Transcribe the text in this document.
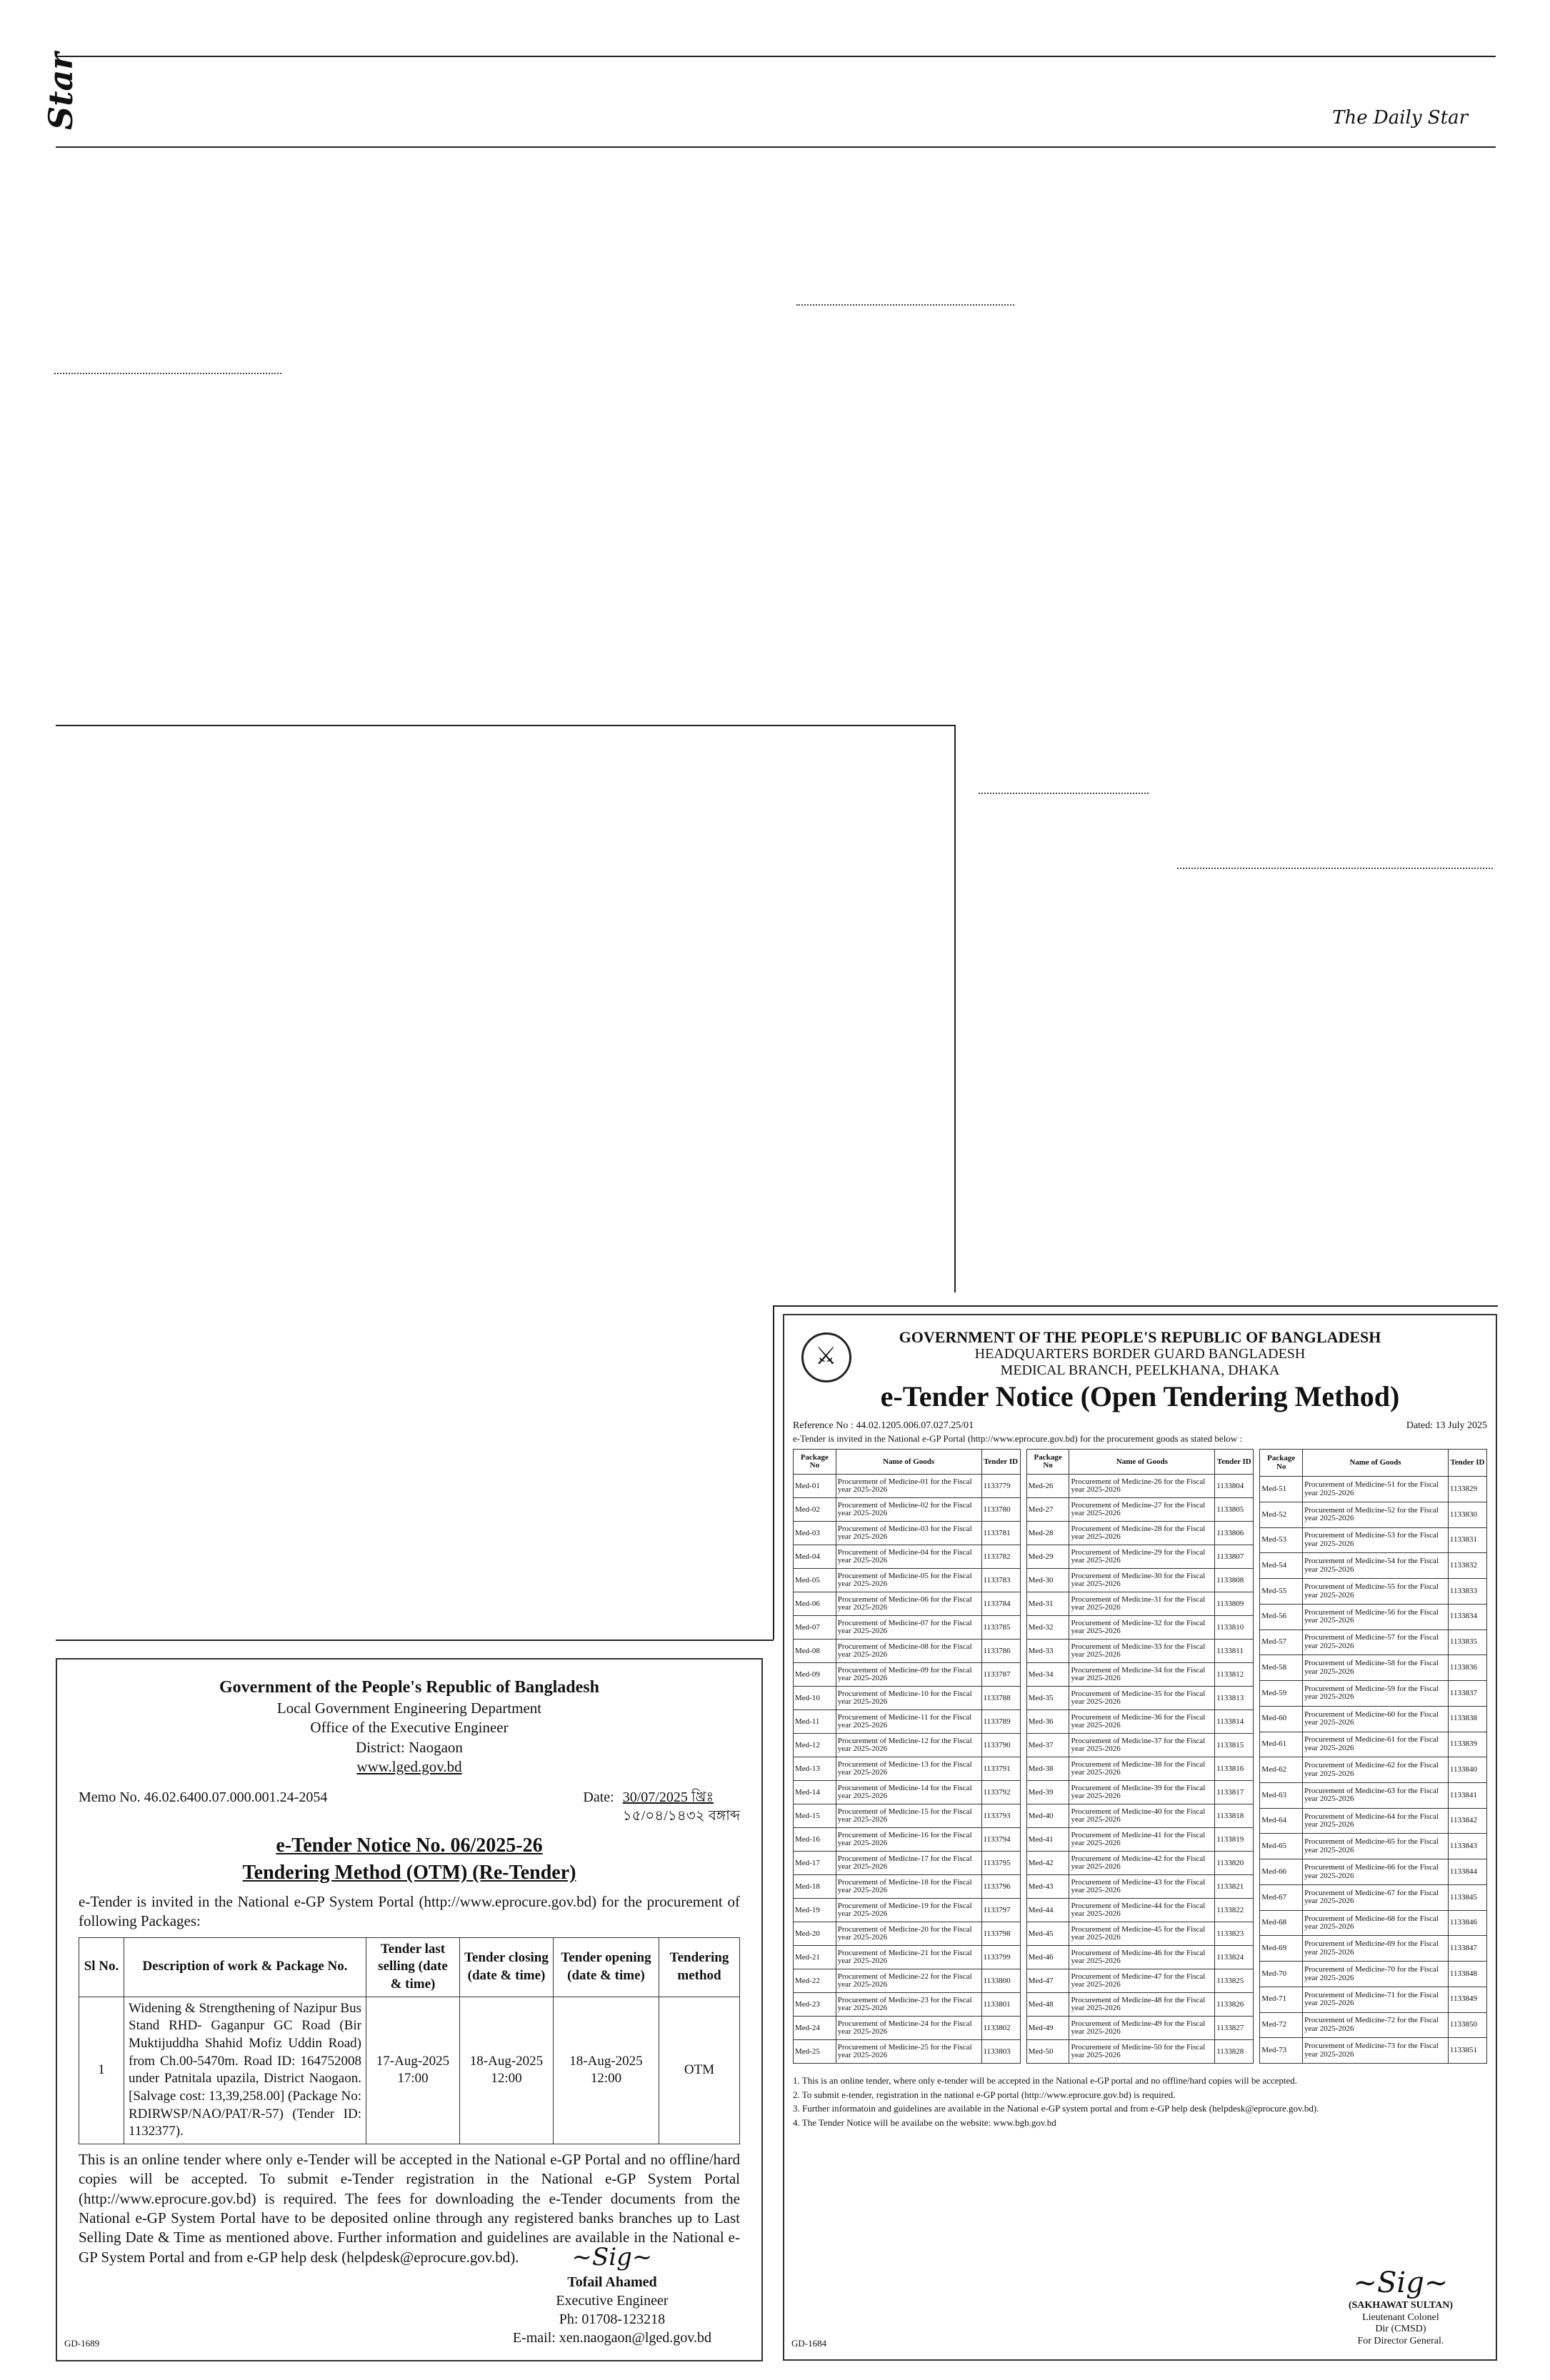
Star	The Daily Star
Government of the People's Republic of Bangladesh
Local Government Engineering Department
Office of the Executive Engineer
District: Naogaon
www.lged.gov.bd
Memo No. 46.02.6400.07.000.001.24-2054	Date: 30/07/2025 খ্রিঃ
১৫/০৪/১৪৩২ বঙ্গাব্দ
e-Tender Notice No. 06/2025-26
Tendering Method (OTM) (Re-Tender)

e-Tender is invited in the National e-GP System Portal (http://www.eprocure.gov.bd) for the procurement of following Packages:

Sl No.	Description of work & Package No.	Tender last selling (date & time)	Tender closing (date & time)	Tender opening (date & time)	Tendering method
1	Widening & Strengthening of Nazipur Bus Stand RHD- Gaganpur GC Road (Bir Muktijuddha Shahid Mofiz Uddin Road) from Ch.00-5470m. Road ID: 164752008 under Patnitala upazila, District Naogaon. [Salvage cost: 13,39,258.00] (Package No: RDIRWSP/NAO/PAT/R-57) (Tender ID: 1132377).	17-Aug-2025 17:00	18-Aug-2025 12:00	18-Aug-2025 12:00	OTM

This is an online tender where only e-Tender will be accepted in the National e-GP Portal and no offline/hard copies will be accepted. To submit e-Tender registration in the National e-GP System Portal (http://www.eprocure.gov.bd) is required. The fees for downloading the e-Tender documents from the National e-GP System Portal have to be deposited online through any registered banks branches up to Last Selling Date & Time as mentioned above. Further information and guidelines are available in the National e-GP System Portal and from e-GP help desk (helpdesk@eprocure.gov.bd).	~Sig~
Tofail Ahamed
Executive Engineer
Ph: 01708-123218
E-mail: xen.naogaon@lged.gov.bd
GD-1689
⚔
GOVERNMENT OF THE PEOPLE'S REPUBLIC OF BANGLADESH
HEADQUARTERS BORDER GUARD BANGLADESH
MEDICAL BRANCH, PEELKHANA, DHAKA
e-Tender Notice (Open Tendering Method)
Reference No : 44.02.1205.006.07.027.25/01	Dated: 13 July 2025
e-Tender is invited in the National e-GP Portal (http://www.eprocure.gov.bd) for the procurement goods as stated below :
Package No	Name of Goods	Tender ID
Med-01	Procurement of Medicine-01 for the Fiscal year 2025-2026	1133779
Med-02	Procurement of Medicine-02 for the Fiscal year 2025-2026	1133780
Med-03	Procurement of Medicine-03 for the Fiscal year 2025-2026	1133781
Med-04	Procurement of Medicine-04 for the Fiscal year 2025-2026	1133782
Med-05	Procurement of Medicine-05 for the Fiscal year 2025-2026	1133783
Med-06	Procurement of Medicine-06 for the Fiscal year 2025-2026	1133784
Med-07	Procurement of Medicine-07 for the Fiscal year 2025-2026	1133785
Med-08	Procurement of Medicine-08 for the Fiscal year 2025-2026	1133786
Med-09	Procurement of Medicine-09 for the Fiscal year 2025-2026	1133787
Med-10	Procurement of Medicine-10 for the Fiscal year 2025-2026	1133788
Med-11	Procurement of Medicine-11 for the Fiscal year 2025-2026	1133789
Med-12	Procurement of Medicine-12 for the Fiscal year 2025-2026	1133790
Med-13	Procurement of Medicine-13 for the Fiscal year 2025-2026	1133791
Med-14	Procurement of Medicine-14 for the Fiscal year 2025-2026	1133792
Med-15	Procurement of Medicine-15 for the Fiscal year 2025-2026	1133793
Med-16	Procurement of Medicine-16 for the Fiscal year 2025-2026	1133794
Med-17	Procurement of Medicine-17 for the Fiscal year 2025-2026	1133795
Med-18	Procurement of Medicine-18 for the Fiscal year 2025-2026	1133796
Med-19	Procurement of Medicine-19 for the Fiscal year 2025-2026	1133797
Med-20	Procurement of Medicine-20 for the Fiscal year 2025-2026	1133798
Med-21	Procurement of Medicine-21 for the Fiscal year 2025-2026	1133799
Med-22	Procurement of Medicine-22 for the Fiscal year 2025-2026	1133800
Med-23	Procurement of Medicine-23 for the Fiscal year 2025-2026	1133801
Med-24	Procurement of Medicine-24 for the Fiscal year 2025-2026	1133802
Med-25	Procurement of Medicine-25 for the Fiscal year 2025-2026	1133803
Package No	Name of Goods	Tender ID
Med-26	Procurement of Medicine-26 for the Fiscal year 2025-2026	1133804
Med-27	Procurement of Medicine-27 for the Fiscal year 2025-2026	1133805
Med-28	Procurement of Medicine-28 for the Fiscal year 2025-2026	1133806
Med-29	Procurement of Medicine-29 for the Fiscal year 2025-2026	1133807
Med-30	Procurement of Medicine-30 for the Fiscal year 2025-2026	1133808
Med-31	Procurement of Medicine-31 for the Fiscal year 2025-2026	1133809
Med-32	Procurement of Medicine-32 for the Fiscal year 2025-2026	1133810
Med-33	Procurement of Medicine-33 for the Fiscal year 2025-2026	1133811
Med-34	Procurement of Medicine-34 for the Fiscal year 2025-2026	1133812
Med-35	Procurement of Medicine-35 for the Fiscal year 2025-2026	1133813
Med-36	Procurement of Medicine-36 for the Fiscal year 2025-2026	1133814
Med-37	Procurement of Medicine-37 for the Fiscal year 2025-2026	1133815
Med-38	Procurement of Medicine-38 for the Fiscal year 2025-2026	1133816
Med-39	Procurement of Medicine-39 for the Fiscal year 2025-2026	1133817
Med-40	Procurement of Medicine-40 for the Fiscal year 2025-2026	1133818
Med-41	Procurement of Medicine-41 for the Fiscal year 2025-2026	1133819
Med-42	Procurement of Medicine-42 for the Fiscal year 2025-2026	1133820
Med-43	Procurement of Medicine-43 for the Fiscal year 2025-2026	1133821
Med-44	Procurement of Medicine-44 for the Fiscal year 2025-2026	1133822
Med-45	Procurement of Medicine-45 for the Fiscal year 2025-2026	1133823
Med-46	Procurement of Medicine-46 for the Fiscal year 2025-2026	1133824
Med-47	Procurement of Medicine-47 for the Fiscal year 2025-2026	1133825
Med-48	Procurement of Medicine-48 for the Fiscal year 2025-2026	1133826
Med-49	Procurement of Medicine-49 for the Fiscal year 2025-2026	1133827
Med-50	Procurement of Medicine-50 for the Fiscal year 2025-2026	1133828
Package No	Name of Goods	Tender ID
Med-51	Procurement of Medicine-51 for the Fiscal year 2025-2026	1133829
Med-52	Procurement of Medicine-52 for the Fiscal year 2025-2026	1133830
Med-53	Procurement of Medicine-53 for the Fiscal year 2025-2026	1133831
Med-54	Procurement of Medicine-54 for the Fiscal year 2025-2026	1133832
Med-55	Procurement of Medicine-55 for the Fiscal year 2025-2026	1133833
Med-56	Procurement of Medicine-56 for the Fiscal year 2025-2026	1133834
Med-57	Procurement of Medicine-57 for the Fiscal year 2025-2026	1133835
Med-58	Procurement of Medicine-58 for the Fiscal year 2025-2026	1133836
Med-59	Procurement of Medicine-59 for the Fiscal year 2025-2026	1133837
Med-60	Procurement of Medicine-60 for the Fiscal year 2025-2026	1133838
Med-61	Procurement of Medicine-61 for the Fiscal year 2025-2026	1133839
Med-62	Procurement of Medicine-62 for the Fiscal year 2025-2026	1133840
Med-63	Procurement of Medicine-63 for the Fiscal year 2025-2026	1133841
Med-64	Procurement of Medicine-64 for the Fiscal year 2025-2026	1133842
Med-65	Procurement of Medicine-65 for the Fiscal year 2025-2026	1133843
Med-66	Procurement of Medicine-66 for the Fiscal year 2025-2026	1133844
Med-67	Procurement of Medicine-67 for the Fiscal year 2025-2026	1133845
Med-68	Procurement of Medicine-68 for the Fiscal year 2025-2026	1133846
Med-69	Procurement of Medicine-69 for the Fiscal year 2025-2026	1133847
Med-70	Procurement of Medicine-70 for the Fiscal year 2025-2026	1133848
Med-71	Procurement of Medicine-71 for the Fiscal year 2025-2026	1133849
Med-72	Procurement of Medicine-72 for the Fiscal year 2025-2026	1133850
Med-73	Procurement of Medicine-73 for the Fiscal year 2025-2026	1133851
1. This is an online tender, where only e-tender will be accepted in the National e-GP portal and no offline/hard copies will be accepted.
2. To submit e-tender, registration in the national e-GP portal (http://www.eprocure.gov.bd) is required.
3. Further informatoin and guidelines are available in the National e-GP system portal and from e-GP help desk (helpdesk@eprocure.gov.bd).
4. The Tender Notice will be availabe on the website: www.bgb.gov.bd
~Sig~
(SAKHAWAT SULTAN)
Lieutenant Colonel
Dir (CMSD)
For Director General.
GD-1684
